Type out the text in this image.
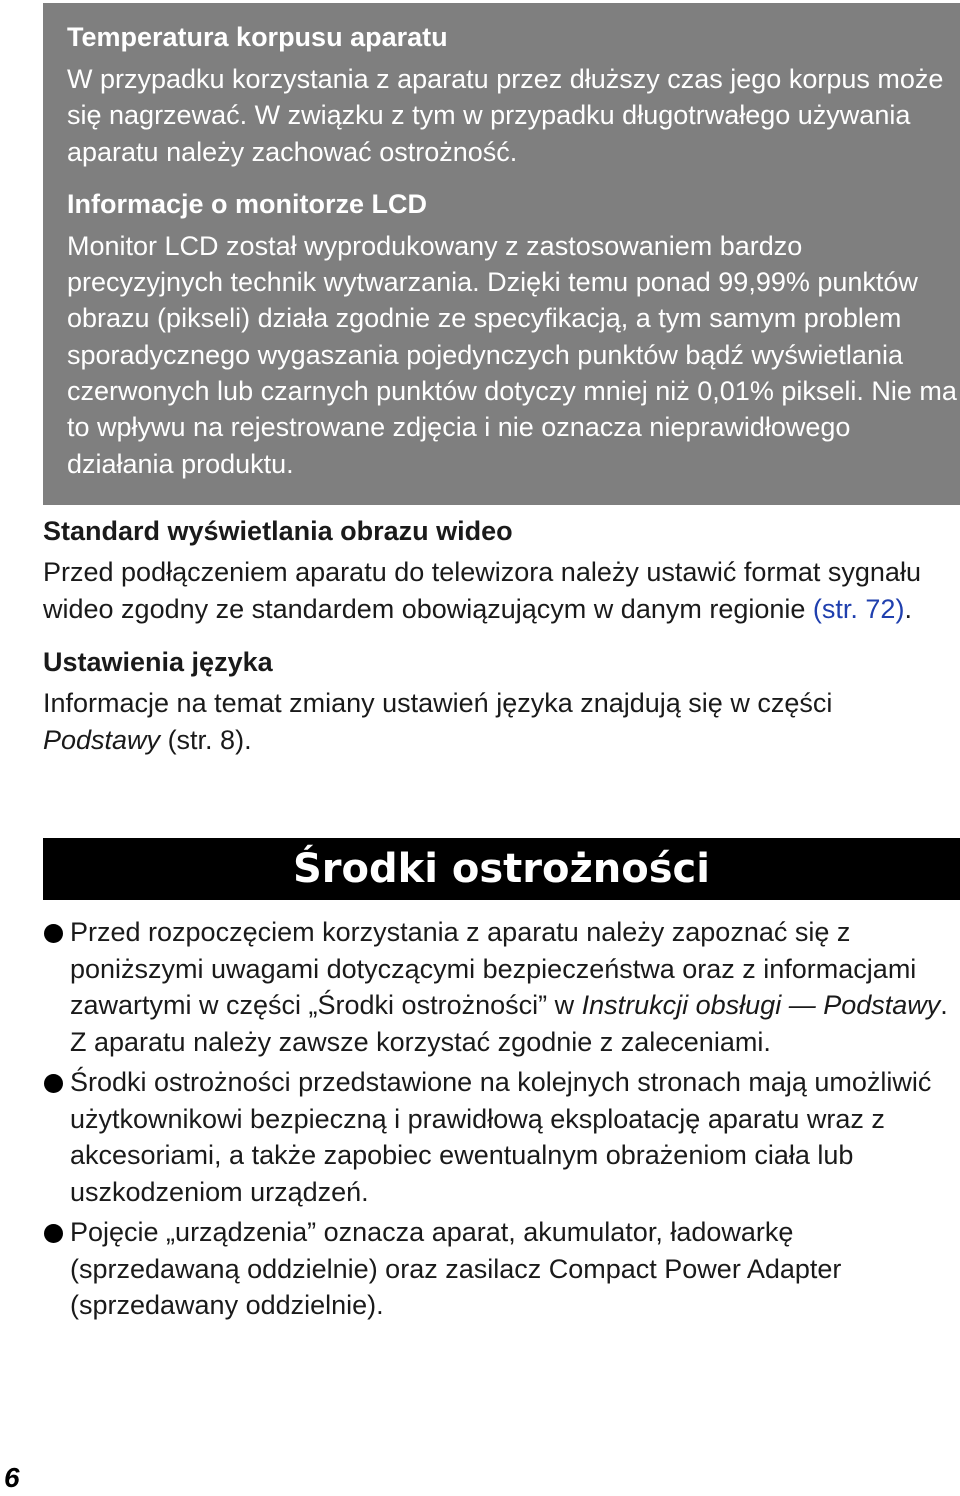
Temperatura korpusu aparatu

W przypadku korzystania z aparatu przez dłuższy czas jego korpus może się nagrzewać. W związku z tym w przypadku długotrwałego używania aparatu należy zachować ostrożność.

Informacje o monitorze LCD

Monitor LCD został wyprodukowany z zastosowaniem bardzo precyzyjnych technik wytwarzania. Dzięki temu ponad 99,99% punktów obrazu (pikseli) działa zgodnie ze specyfikacją, a tym samym problem sporadycznego wygaszania pojedynczych punktów bądź wyświetlania czerwonych lub czarnych punktów dotyczy mniej niż 0,01% pikseli. Nie ma to wpływu na rejestrowane zdjęcia i nie oznacza nieprawidłowego działania produktu.

Standard wyświetlania obrazu wideo

Przed podłączeniem aparatu do telewizora należy ustawić format sygnału wideo zgodny ze standardem obowiązującym w danym regionie (str. 72).

Ustawienia języka

Informacje na temat zmiany ustawień języka znajdują się w części Podstawy (str. 8).

Środki ostrożności
Przed rozpoczęciem korzystania z aparatu należy zapoznać się z poniższymi uwagami dotyczącymi bezpieczeństwa oraz z informacjami zawartymi w części „Środki ostrożności” w Instrukcji obsługi — Podstawy. Z aparatu należy zawsze korzystać zgodnie z zaleceniami.
Środki ostrożności przedstawione na kolejnych stronach mają umożliwić użytkownikowi bezpieczną i prawidłową eksploatację aparatu wraz z akcesoriami, a także zapobiec ewentualnym obrażeniom ciała lub uszkodzeniom urządzeń.
Pojęcie „urządzenia” oznacza aparat, akumulator, ładowarkę (sprzedawaną oddzielnie) oraz zasilacz Compact Power Adapter (sprzedawany oddzielnie).
6
